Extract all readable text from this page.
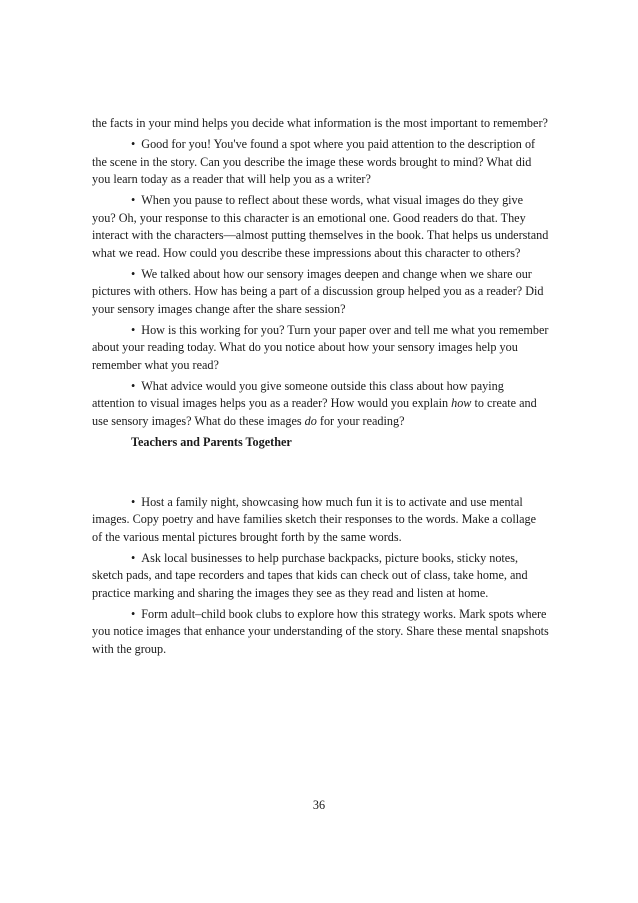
the facts in your mind helps you decide what information is the most important to remember?

• Good for you! You've found a spot where you paid attention to the description of the scene in the story. Can you describe the image these words brought to mind? What did you learn today as a reader that will help you as a writer?

• When you pause to reflect about these words, what visual images do they give you? Oh, your response to this character is an emotional one. Good readers do that. They interact with the characters—almost putting themselves in the book. That helps us understand what we read. How could you describe these impressions about this character to others?

• We talked about how our sensory images deepen and change when we share our pictures with others. How has being a part of a discussion group helped you as a reader? Did your sensory images change after the share session?

• How is this working for you? Turn your paper over and tell me what you remember about your reading today. What do you notice about how your sensory images help you remember what you read?

• What advice would you give someone outside this class about how paying attention to visual images helps you as a reader? How would you explain how to create and use sensory images? What do these images do for your reading?

Teachers and Parents Together

• Host a family night, showcasing how much fun it is to activate and use mental images. Copy poetry and have families sketch their responses to the words. Make a collage of the various mental pictures brought forth by the same words.

• Ask local businesses to help purchase backpacks, picture books, sticky notes, sketch pads, and tape recorders and tapes that kids can check out of class, take home, and practice marking and sharing the images they see as they read and listen at home.

• Form adult–child book clubs to explore how this strategy works. Mark spots where you notice images that enhance your understanding of the story. Share these mental snapshots with the group.

36
